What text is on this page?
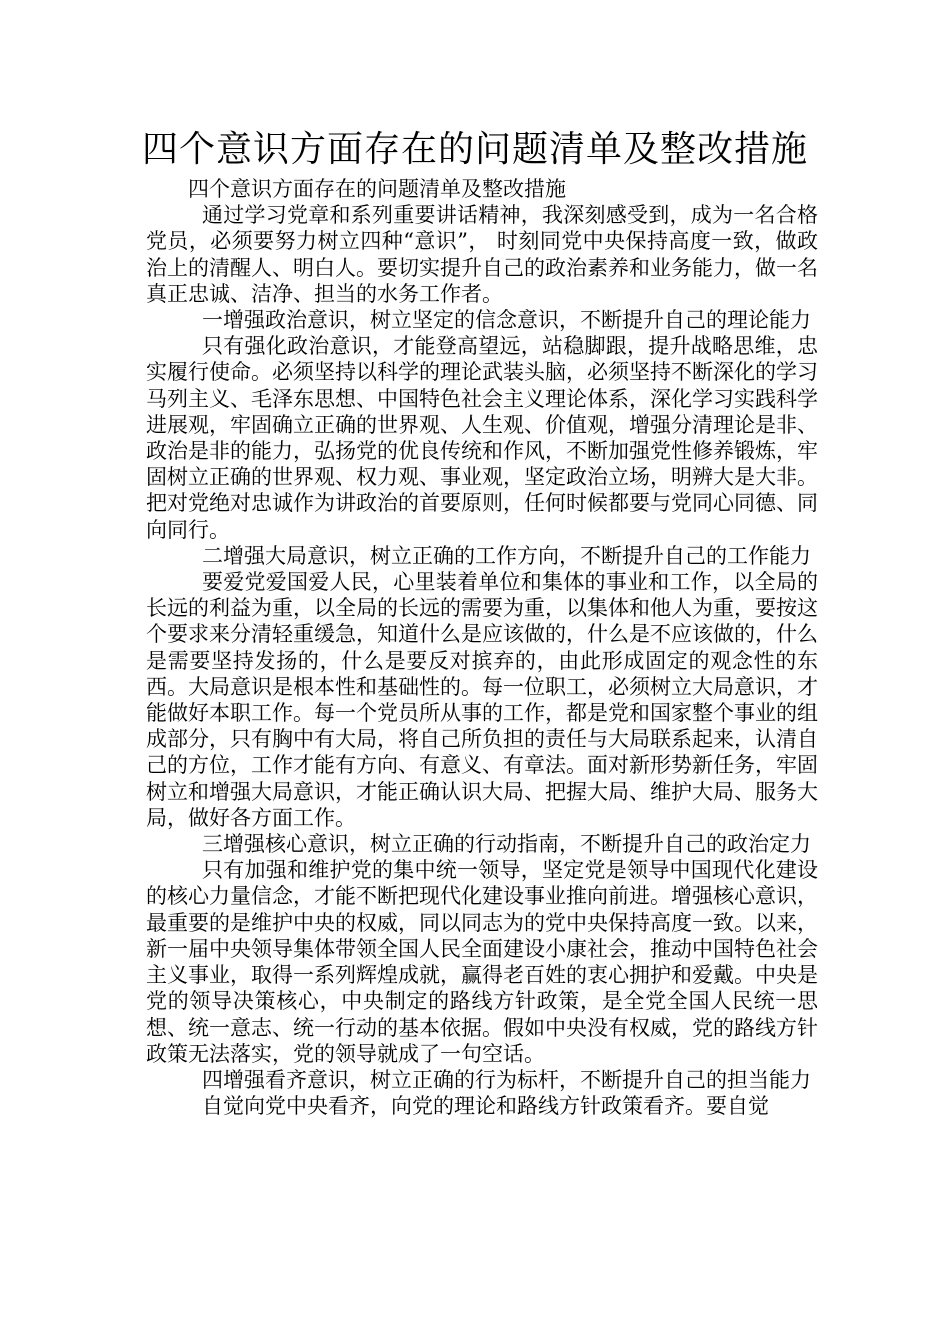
四个意识方面存在的问题清单及整改措施

四个意识方面存在的问题清单及整改措施

通过学习党章和系列重要讲话精神，我深刻感受到，成为一名合格党员，必须要努力树立四种“意识”， 时刻同党中央保持高度一致，做政治上的清醒人、明白人。要切实提升自己的政治素养和业务能力，做一名真正忠诚、洁净、担当的水务工作者。

一增强政治意识，树立坚定的信念意识，不断提升自己的理论能力

只有强化政治意识，才能登高望远，站稳脚跟，提升战略思维，忠实履行使命。必须坚持以科学的理论武装头脑，必须坚持不断深化的学习马列主义、毛泽东思想、中国特色社会主义理论体系，深化学习实践科学进展观，牢固确立正确的世界观、人生观、价值观，增强分清理论是非、政治是非的能力，弘扬党的优良传统和作风，不断加强党性修养锻炼，牢固树立正确的世界观、权力观、事业观，坚定政治立场，明辨大是大非。把对党绝对忠诚作为讲政治的首要原则，任何时候都要与党同心同德、同向同行。

二增强大局意识，树立正确的工作方向，不断提升自己的工作能力

要爱党爱国爱人民，心里装着单位和集体的事业和工作，以全局的长远的利益为重，以全局的长远的需要为重，以集体和他人为重，要按这个要求来分清轻重缓急，知道什么是应该做的，什么是不应该做的，什么是需要坚持发扬的，什么是要反对摈弃的，由此形成固定的观念性的东西。大局意识是根本性和基础性的。每一位职工，必须树立大局意识，才能做好本职工作。每一个党员所从事的工作，都是党和国家整个事业的组成部分，只有胸中有大局，将自己所负担的责任与大局联系起来，认清自己的方位，工作才能有方向、有意义、有章法。面对新形势新任务，牢固树立和增强大局意识，才能正确认识大局、把握大局、维护大局、服务大局，做好各方面工作。

三增强核心意识，树立正确的行动指南，不断提升自己的政治定力

只有加强和维护党的集中统一领导，坚定党是领导中国现代化建设的核心力量信念，才能不断把现代化建设事业推向前进。增强核心意识，最重要的是维护中央的权威，同以同志为的党中央保持高度一致。以来，新一届中央领导集体带领全国人民全面建设小康社会，推动中国特色社会主义事业，取得一系列辉煌成就，赢得老百姓的衷心拥护和爱戴。中央是党的领导决策核心，中央制定的路线方针政策，是全党全国人民统一思想、统一意志、统一行动的基本依据。假如中央没有权威，党的路线方针政策无法落实，党的领导就成了一句空话。

四增强看齐意识，树立正确的行为标杆，不断提升自己的担当能力

自觉向党中央看齐，向党的理论和路线方针政策看齐。要自觉
